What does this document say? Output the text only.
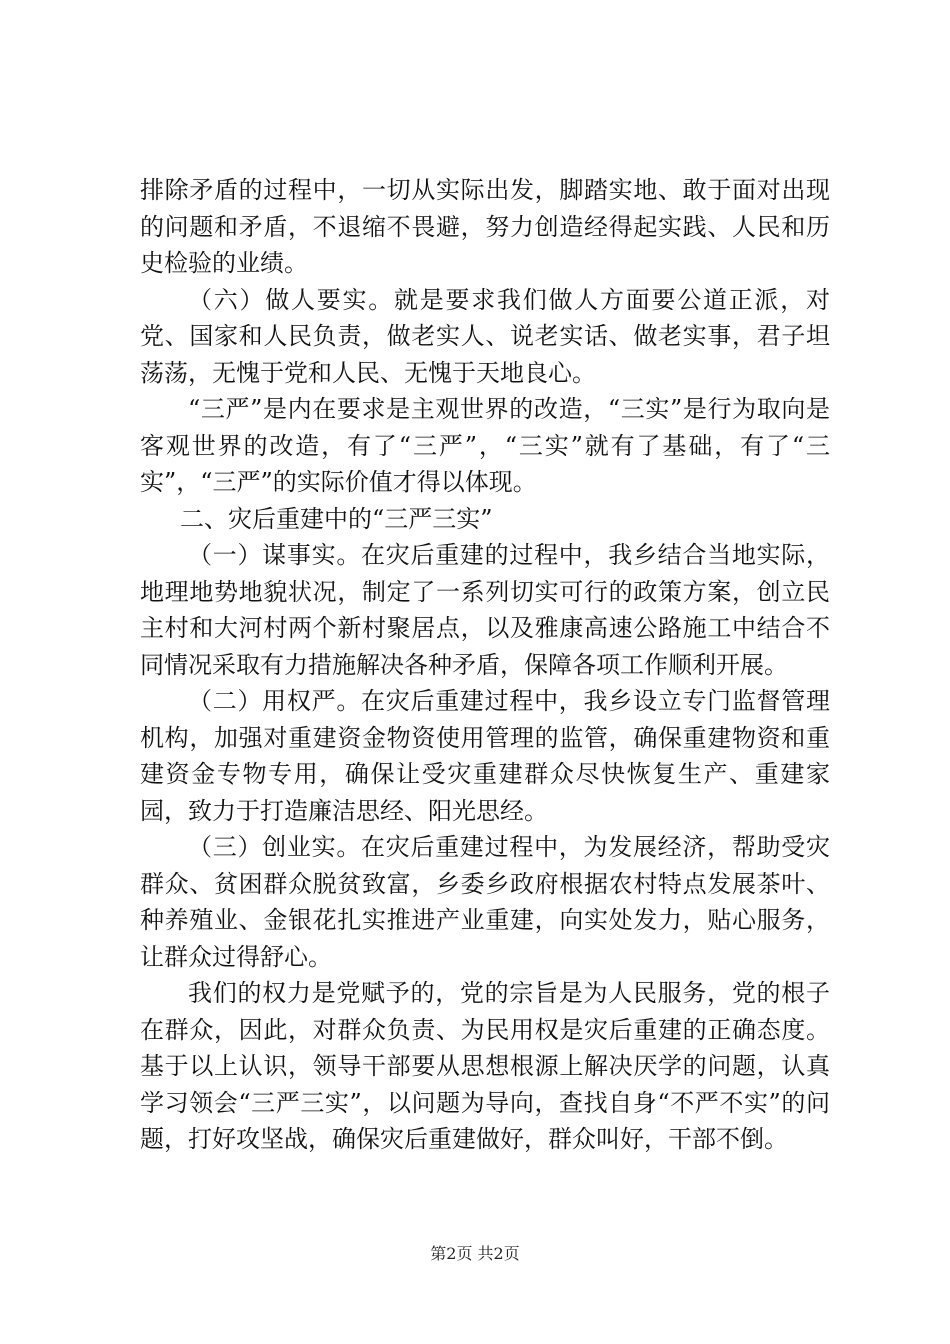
排除矛盾的过程中，一切从实际出发，脚踏实地、敢于面对出现的问题和矛盾，不退缩不畏避，努力创造经得起实践、人民和历史检验的业绩。

（六）做人要实。就是要求我们做人方面要公道正派，对党、国家和人民负责，做老实人、说老实话、做老实事，君子坦荡荡，无愧于党和人民、无愧于天地良心。

“三严”是内在要求是主观世界的改造，“三实”是行为取向是客观世界的改造，有了“三严”，“三实”就有了基础，有了“三实”，“三严”的实际价值才得以体现。

二、灾后重建中的“三严三实”

（一）谋事实。在灾后重建的过程中，我乡结合当地实际，地理地势地貌状况，制定了一系列切实可行的政策方案，创立民主村和大河村两个新村聚居点，以及雅康高速公路施工中结合不同情况采取有力措施解决各种矛盾，保障各项工作顺利开展。

（二）用权严。在灾后重建过程中，我乡设立专门监督管理机构，加强对重建资金物资使用管理的监管，确保重建物资和重建资金专物专用，确保让受灾重建群众尽快恢复生产、重建家园，致力于打造廉洁思经、阳光思经。

（三）创业实。在灾后重建过程中，为发展经济，帮助受灾群众、贫困群众脱贫致富，乡委乡政府根据农村特点发展茶叶、种养殖业、金银花扎实推进产业重建，向实处发力，贴心服务，让群众过得舒心。

我们的权力是党赋予的，党的宗旨是为人民服务，党的根子在群众，因此，对群众负责、为民用权是灾后重建的正确态度。基于以上认识，领导干部要从思想根源上解决厌学的问题，认真学习领会“三严三实”，以问题为导向，查找自身“不严不实”的问题，打好攻坚战，确保灾后重建做好，群众叫好，干部不倒。

第2页 共2页
